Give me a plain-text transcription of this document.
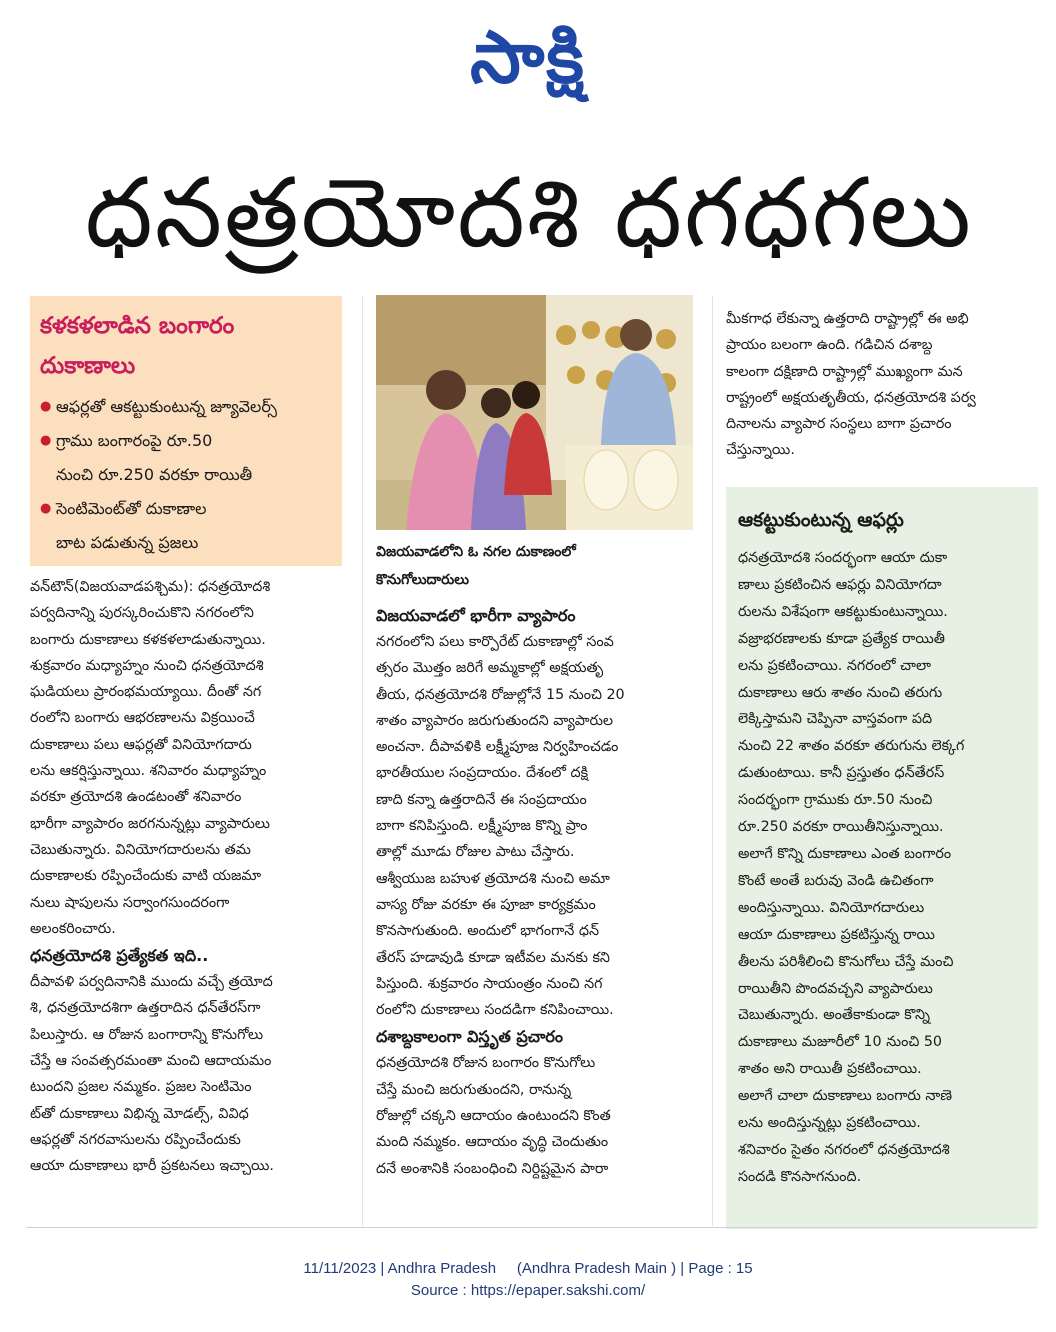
సాక్షి
ధనత్రయోదశి ధగధగలు
కళకళలాడిన బంగారం
దుకాణాలు
● ఆఫర్లతో ఆకట్టుకుంటున్న జ్యూవెలర్స్
● గ్రాము బంగారంపై రూ.50
నుంచి రూ.250 వరకూ రాయితీ
● సెంటిమెంట్‌తో దుకాణాల
బాట పడుతున్న ప్రజలు	విజయవాడలోని ఓ నగల దుకాణంలో
కొనుగోలుదారులు

వన్‌టౌన్‌(విజయవాడపశ్చిమ): ధనత్రయోదశి

పర్వదినాన్ని పురస్కరించుకొని నగరంలోని

బంగారు దుకాణాలు కళకళలాడుతున్నాయి.

శుక్రవారం మధ్యాహ్నం నుంచి ధనత్రయోదశి

ఘడియలు ప్రారంభమయ్యాయి. దీంతో నగ

రంలోని బంగారు ఆభరణాలను విక్రయించే

దుకాణాలు పలు ఆఫర్లతో వినియోగదారు

లను ఆకర్షిస్తున్నాయి. శనివారం మధ్యాహ్నం

వరకూ త్రయోదశి ఉండటంతో శనివారం

భారీగా వ్యాపారం జరగనున్నట్లు వ్యాపారులు

చెబుతున్నారు. వినియోగదారులను తమ

దుకాణాలకు రప్పించేందుకు వాటి యజమా

నులు షాపులను సర్వాంగసుందరంగా

అలంకరించారు.

ధనత్రయోదశి ప్రత్యేకత ఇది..

దీపావళి పర్వదినానికి ముందు వచ్చే త్రయోద

శి, ధనత్రయోదశిగా ఉత్తరాదిన ధన్‌తేరస్‌గా

పిలుస్తారు. ఆ రోజున బంగారాన్ని కొనుగోలు

చేస్తే ఆ సంవత్సరమంతా మంచి ఆదాయమం

టుందని ప్రజల నమ్మకం. ప్రజల సెంటిమెం

ట్‌తో దుకాణాలు విభిన్న మోడల్స్‌, వివిధ

ఆఫర్లతో నగరవాసులను రప్పించేందుకు

ఆయా దుకాణాలు భారీ ప్రకటనలు ఇచ్చాయి.

విజయవాడలో భారీగా వ్యాపారం

నగరంలోని పలు కార్పొరేట్‌ దుకాణాల్లో సంవ

త్సరం మొత్తం జరిగే అమ్మకాల్లో అక్షయతృ

తీయ, ధనత్రయోదశి రోజుల్లోనే 15 నుంచి 20

శాతం వ్యాపారం జరుగుతుందని వ్యాపారుల

అంచనా. దీపావళికి లక్ష్మీపూజ నిర్వహించడం

భారతీయుల సంప్రదాయం. దేశంలో దక్షి

ణాది కన్నా ఉత్తరాదినే ఈ సంప్రదాయం

బాగా కనిపిస్తుంది. లక్ష్మీపూజ కొన్ని ప్రాం

తాల్లో మూడు రోజుల పాటు చేస్తారు.

ఆశ్వీయుజ బహుళ త్రయోదశి నుంచి అమా

వాస్య రోజు వరకూ ఈ పూజా కార్యక్రమం

కొనసాగుతుంది. అందులో భాగంగానే ధన్‌

తేరస్‌ హడావుడి కూడా ఇటీవల మనకు కని

పిస్తుంది. శుక్రవారం సాయంత్రం నుంచి నగ

రంలోని దుకాణాలు సందడిగా కనిపించాయి.

దశాబ్దకాలంగా విస్తృత ప్రచారం

ధనత్రయోదశి రోజున బంగారం కొనుగోలు

చేస్తే మంచి జరుగుతుందని, రానున్న

రోజుల్లో చక్కని ఆదాయం ఉంటుందని కొంత

మంది నమ్మకం. ఆదాయం వృద్ధి చెందుతుం

దనే అంశానికి సంబంధించి నిర్దిష్టమైన పారా

మీకగాధ లేకున్నా ఉత్తరాది రాష్ట్రాల్లో ఈ అభి

ప్రాయం బలంగా ఉంది. గడిచిన దశాబ్ద

కాలంగా దక్షిణాది రాష్ట్రాల్లో ముఖ్యంగా మన

రాష్ట్రంలో అక్షయతృతీయ, ధనత్రయోదశి పర్వ

దినాలను వ్యాపార సంస్థలు బాగా ప్రచారం

చేస్తున్నాయి.

ఆకట్టుకుంటున్న ఆఫర్లు

ధనత్రయోదశి సందర్భంగా ఆయా దుకా

ణాలు ప్రకటించిన ఆఫర్లు వినియోగదా

రులను విశేషంగా ఆకట్టుకుంటున్నాయి.

వజ్రాభరణాలకు కూడా ప్రత్యేక రాయితీ

లను ప్రకటించాయి. నగరంలో చాలా

దుకాణాలు ఆరు శాతం నుంచి తరుగు

లెక్కిస్తామని చెప్పినా వాస్తవంగా పది

నుంచి 22 శాతం వరకూ తరుగును లెక్కగ

డుతుంటాయి. కానీ ప్రస్తుతం ధన్‌తేరస్‌

సందర్భంగా గ్రాముకు రూ.50 నుంచి

రూ.250 వరకూ రాయితీనిస్తున్నాయి.

అలాగే కొన్ని దుకాణాలు ఎంత బంగారం

కొంటే అంతే బరువు వెండి ఉచితంగా

అందిస్తున్నాయి. వినియోగదారులు

ఆయా దుకాణాలు ప్రకటిస్తున్న రాయి

తీలను పరిశీలించి కొనుగోలు చేస్తే మంచి

రాయితీని పొందవచ్చని వ్యాపారులు

చెబుతున్నారు. అంతేకాకుండా కొన్ని

దుకాణాలు మజూరీలో 10 నుంచి 50

శాతం అని రాయితీ ప్రకటించాయి.

అలాగే చాలా దుకాణాలు బంగారు నాణె

లను అందిస్తున్నట్లు ప్రకటించాయి.

శనివారం సైతం నగరంలో ధనత్రయోదశి

సందడి కొనసాగనుంది.

11/11/2023 | Andhra Pradesh     (Andhra Pradesh Main ) | Page : 15
Source : https://epaper.sakshi.com/
